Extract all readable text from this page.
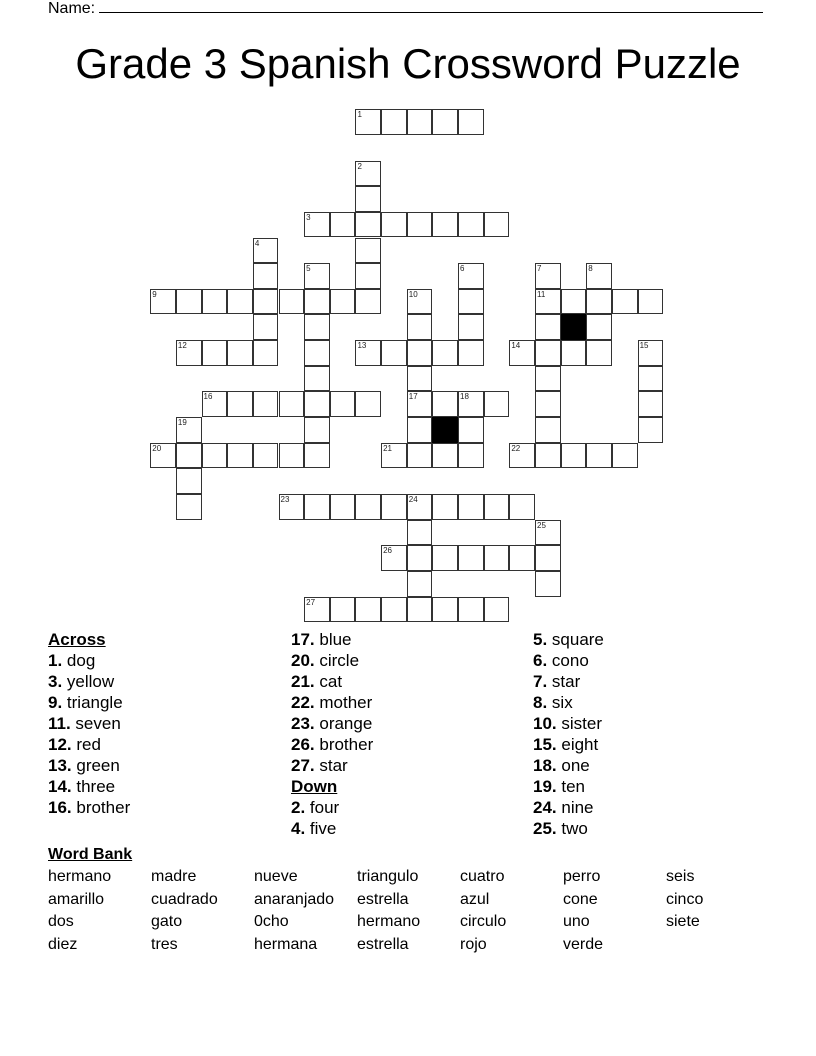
Name:
Grade 3 Spanish Crossword Puzzle
1
2
3
4
5	6	7
11
8
9	10
17
12	13	14	15
16	18
19
20	21	22
23	24
25
26
27
Across
1. dog
3. yellow
9. triangle
11. seven
12. red
13. green
14. three
16. brother
17. blue
20. circle
21. cat
22. mother
23. orange
26. brother
27. star
Down
2. four
4. five
5. square
6. cono
7. star
8. six
10. sister
15. eight
18. one
19. ten
24. nine
25. two
Word Bank
hermano	madre	nueve	triangulo	cuatro	perro	seis
amarillo	cuadrado	anaranjado	estrella	azul	cone	cinco
dos	gato	0cho	hermano	circulo	uno	siete
diez	tres	hermana	estrella	rojo	verde
